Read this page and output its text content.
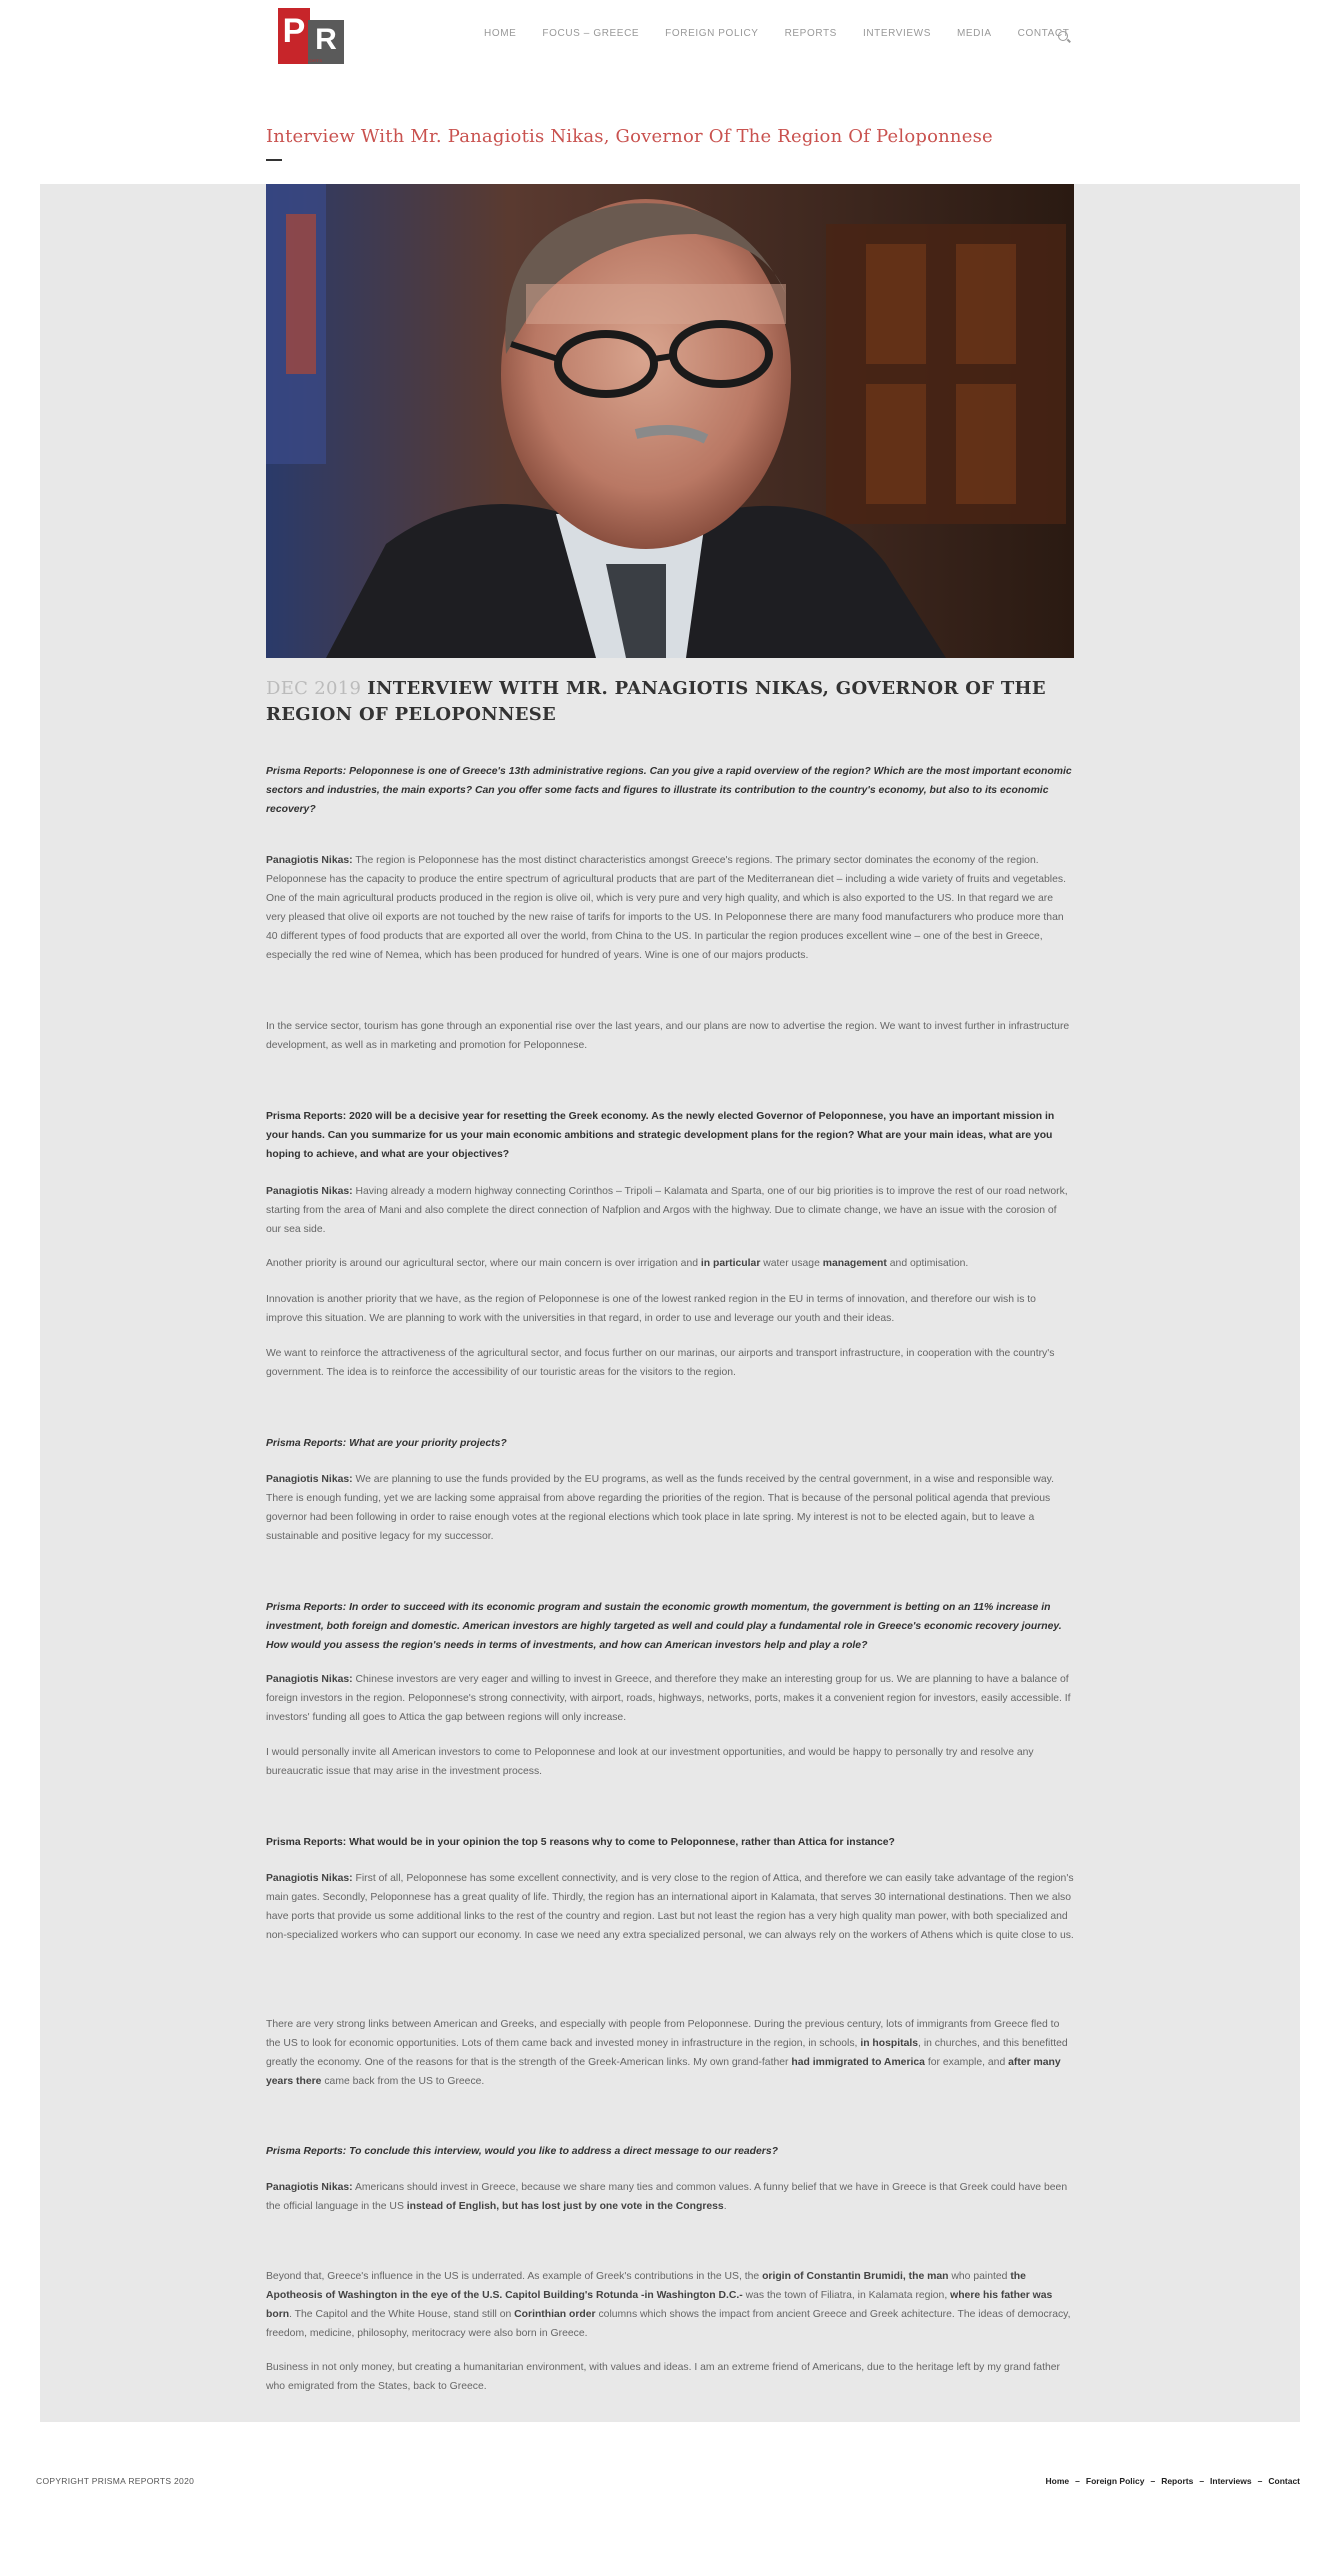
P R
PRISMA REPORTS
HOME	FOCUS – GREECE	FOREIGN POLICY	REPORTS	INTERVIEWS	MEDIA	CONTACT
Interview With Mr. Panagiotis Nikas, Governor Of The Region Of Peloponnese
DEC 2019 INTERVIEW WITH MR. PANAGIOTIS NIKAS, GOVERNOR OF THE REGION OF PELOPONNESE

Prisma Reports: Peloponnese is one of Greece's 13th administrative regions. Can you give a rapid overview of the region? Which are the most important economic sectors and industries, the main exports? Can you offer some facts and figures to illustrate its contribution to the country's economy, but also to its economic recovery?

Panagiotis Nikas: The region is Peloponnese has the most distinct characteristics amongst Greece's regions. The primary sector dominates the economy of the region. Peloponnese has the capacity to produce the entire spectrum of agricultural products that are part of the Mediterranean diet – including a wide variety of fruits and vegetables. One of the main agricultural products produced in the region is olive oil, which is very pure and very high quality, and which is also exported to the US. In that regard we are very pleased that olive oil exports are not touched by the new raise of tarifs for imports to the US. In Peloponnese there are many food manufacturers who produce more than 40 different types of food products that are exported all over the world, from China to the US. In particular the region produces excellent wine – one of the best in Greece, especially the red wine of Nemea, which has been produced for hundred of years. Wine is one of our majors products.

In the service sector, tourism has gone through an exponential rise over the last years, and our plans are now to advertise the region. We want to invest further in infrastructure development, as well as in marketing and promotion for Peloponnese.

Prisma Reports: 2020 will be a decisive year for resetting the Greek economy. As the newly elected Governor of Peloponnese, you have an important mission in your hands. Can you summarize for us your main economic ambitions and strategic development plans for the region? What are your main ideas, what are you hoping to achieve, and what are your objectives?

Panagiotis Nikas: Having already a modern highway connecting Corinthos – Tripoli – Kalamata and Sparta, one of our big priorities is to improve the rest of our road network, starting from the area of Mani and also complete the direct connection of Nafplion and Argos with the highway. Due to climate change, we have an issue with the corosion of our sea side.

Another priority is around our agricultural sector, where our main concern is over irrigation and in particular water usage management and optimisation.

Innovation is another priority that we have, as the region of Peloponnese is one of the lowest ranked region in the EU in terms of innovation, and therefore our wish is to improve this situation. We are planning to work with the universities in that regard, in order to use and leverage our youth and their ideas.

We want to reinforce the attractiveness of the agricultural sector, and focus further on our marinas, our airports and transport infrastructure, in cooperation with the country's government. The idea is to reinforce the accessibility of our touristic areas for the visitors to the region.

Prisma Reports: What are your priority projects?

Panagiotis Nikas: We are planning to use the funds provided by the EU programs, as well as the funds received by the central government, in a wise and responsible way. There is enough funding, yet we are lacking some appraisal from above regarding the priorities of the region. That is because of the personal political agenda that previous governor had been following in order to raise enough votes at the regional elections which took place in late spring. My interest is not to be elected again, but to leave a sustainable and positive legacy for my successor.

Prisma Reports: In order to succeed with its economic program and sustain the economic growth momentum, the government is betting on an 11% increase in investment, both foreign and domestic. American investors are highly targeted as well and could play a fundamental role in Greece's economic recovery journey. How would you assess the region's needs in terms of investments, and how can American investors help and play a role?

Panagiotis Nikas: Chinese investors are very eager and willing to invest in Greece, and therefore they make an interesting group for us. We are planning to have a balance of foreign investors in the region. Peloponnese's strong connectivity, with airport, roads, highways, networks, ports, makes it a convenient region for investors, easily accessible. If investors' funding all goes to Attica the gap between regions will only increase.

I would personally invite all American investors to come to Peloponnese and look at our investment opportunities, and would be happy to personally try and resolve any bureaucratic issue that may arise in the investment process.

Prisma Reports: What would be in your opinion the top 5 reasons why to come to Peloponnese, rather than Attica for instance?

Panagiotis Nikas: First of all, Peloponnese has some excellent connectivity, and is very close to the region of Attica, and therefore we can easily take advantage of the region's main gates. Secondly, Peloponnese has a great quality of life. Thirdly, the region has an international aiport in Kalamata, that serves 30 international destinations. Then we also have ports that provide us some additional links to the rest of the country and region. Last but not least the region has a very high quality man power, with both specialized and non-specialized workers who can support our economy. In case we need any extra specialized personal, we can always rely on the workers of Athens which is quite close to us.

There are very strong links between American and Greeks, and especially with people from Peloponnese. During the previous century, lots of immigrants from Greece fled to the US to look for economic opportunities. Lots of them came back and invested money in infrastructure in the region, in schools, in hospitals, in churches, and this benefitted greatly the economy. One of the reasons for that is the strength of the Greek-American links. My own grand-father had immigrated to America for example, and after many years there came back from the US to Greece.

Prisma Reports: To conclude this interview, would you like to address a direct message to our readers?

Panagiotis Nikas: Americans should invest in Greece, because we share many ties and common values. A funny belief that we have in Greece is that Greek could have been the official language in the US instead of English, but has lost just by one vote in the Congress.

Beyond that, Greece's influence in the US is underrated. As example of Greek's contributions in the US, the origin of Constantin Brumidi, the man who painted the Apotheosis of Washington in the eye of the U.S. Capitol Building's Rotunda -in Washington D.C.- was the town of Filiatra, in Kalamata region, where his father was born. The Capitol and the White House, stand still on Corinthian order columns which shows the impact from ancient Greece and Greek achitecture. The ideas of democracy, freedom, medicine, philosophy, meritocracy were also born in Greece.

Business in not only money, but creating a humanitarian environment, with values and ideas. I am an extreme friend of Americans, due to the heritage left by my grand father who emigrated from the States, back to Greece.

COPYRIGHT PRISMA REPORTS 2020	Home – Foreign Policy – Reports – Interviews – Contact
